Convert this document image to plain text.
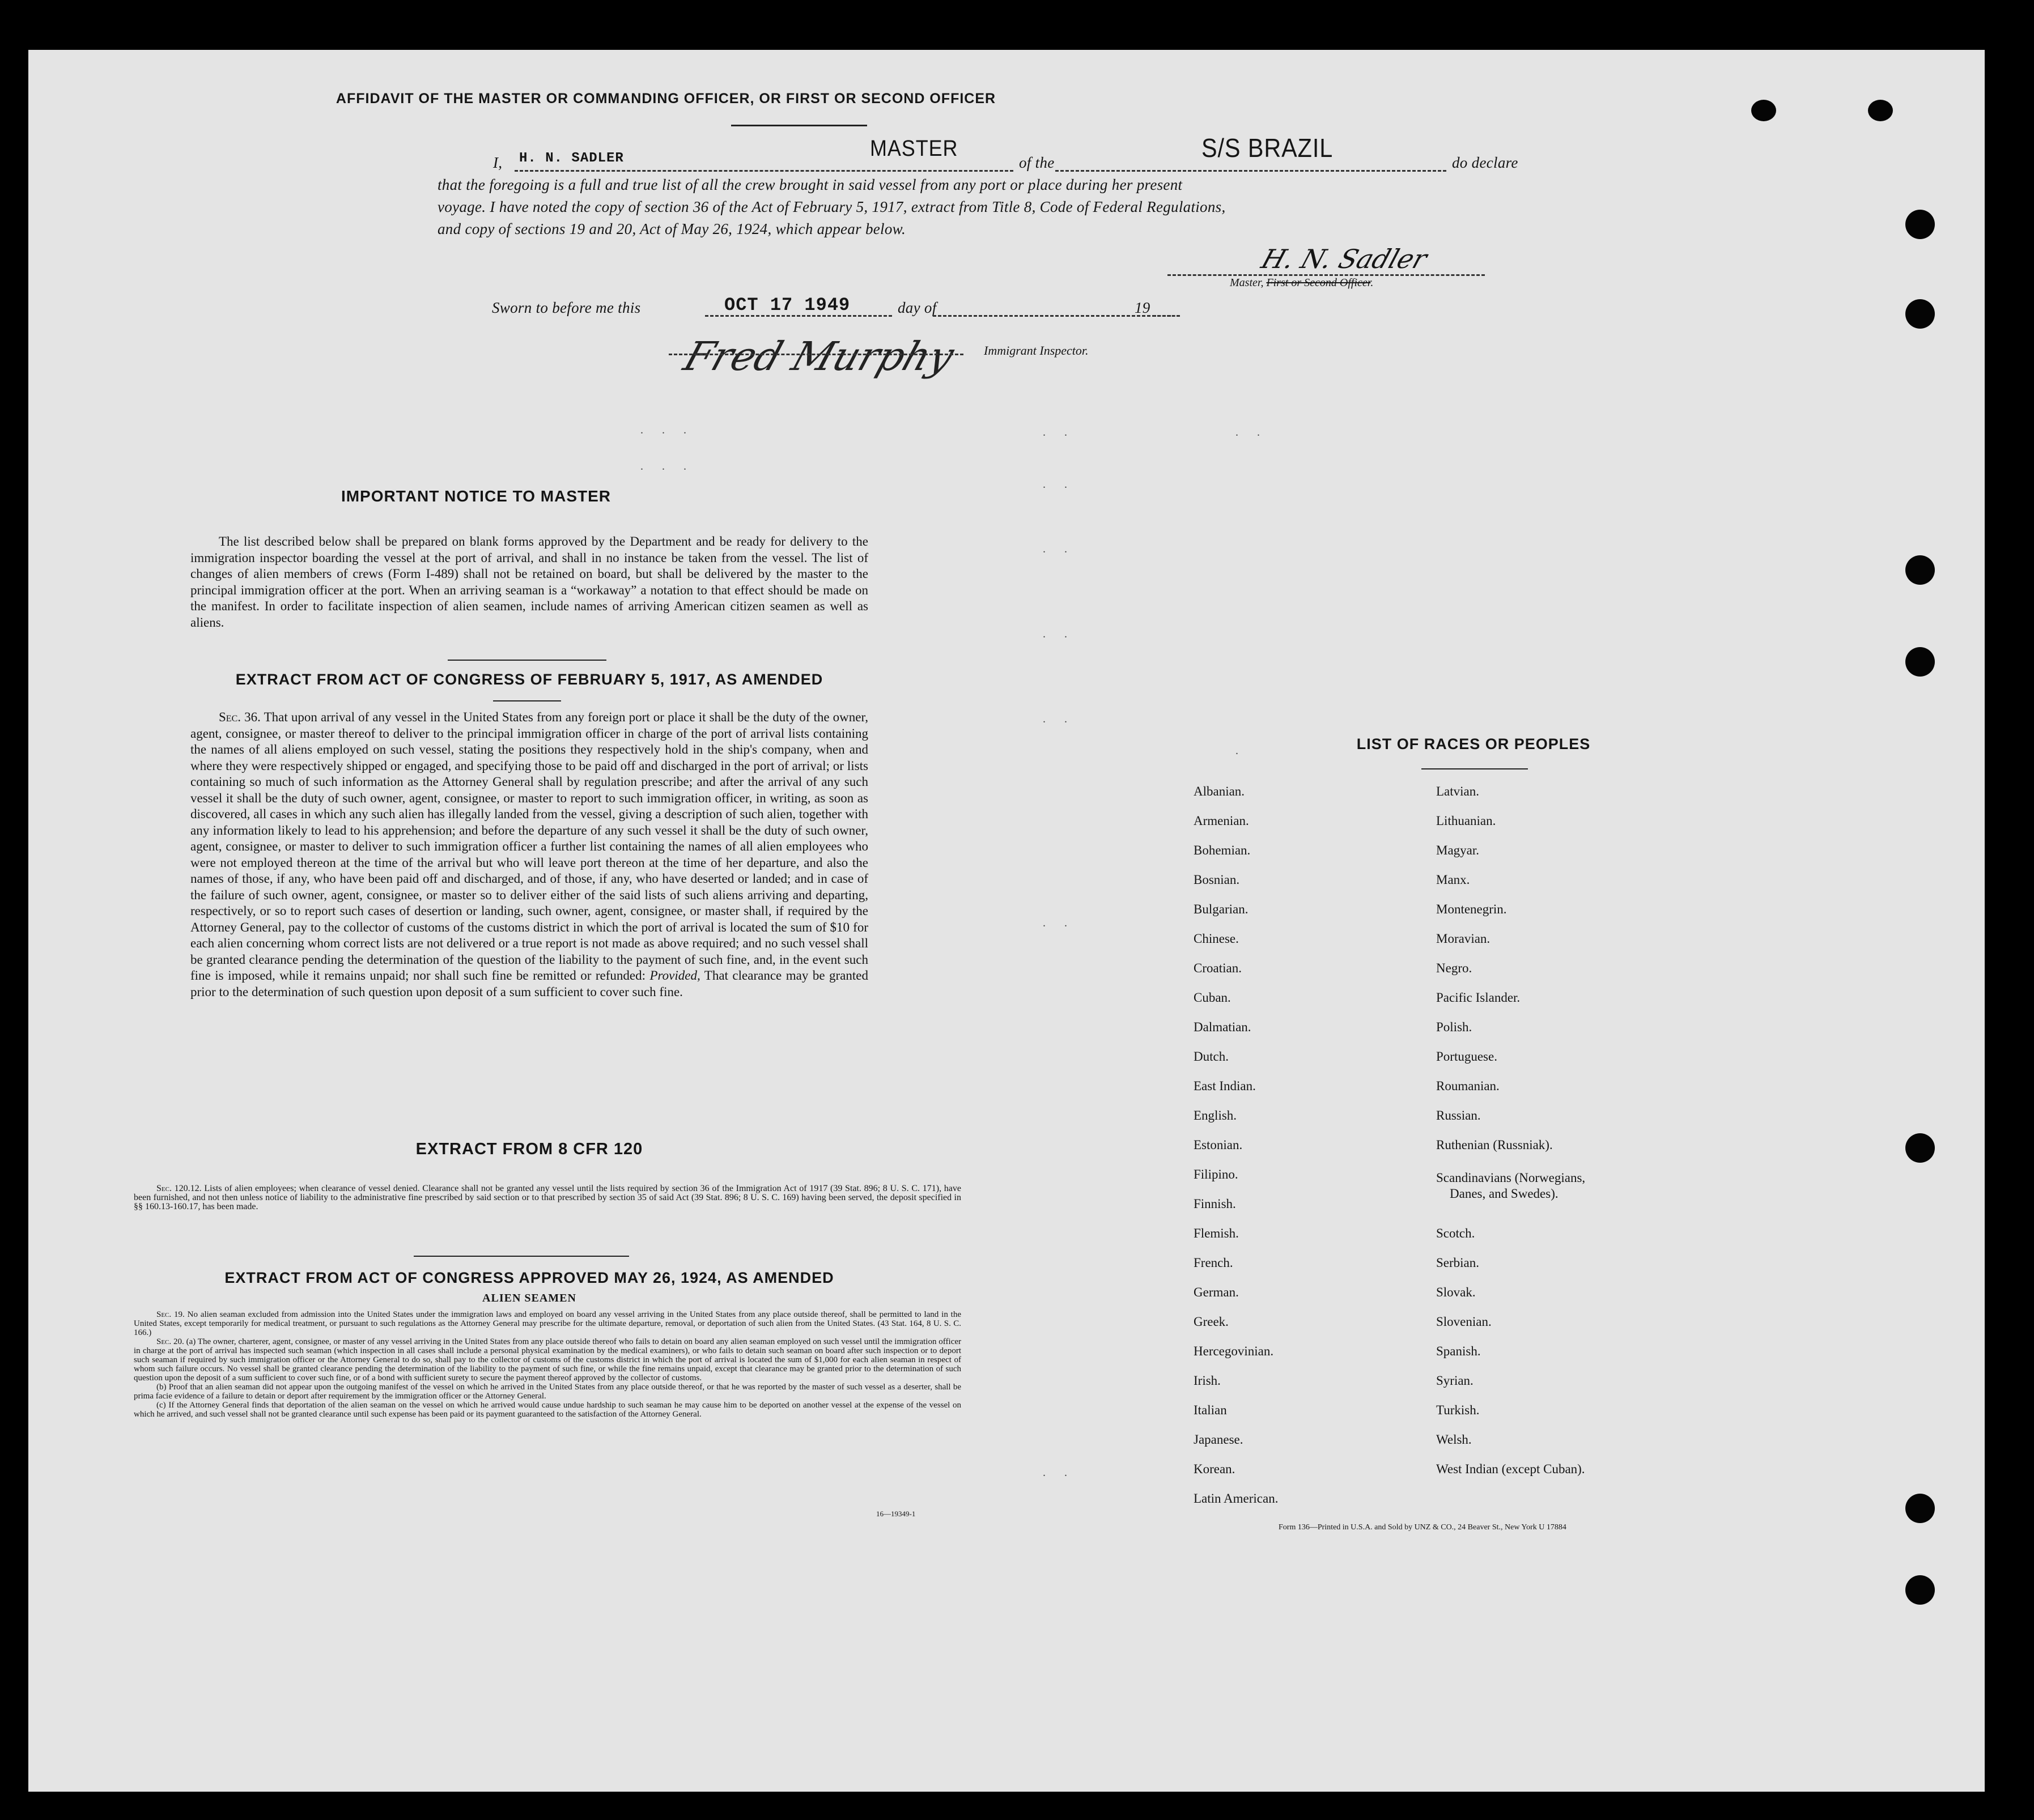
AFFIDAVIT OF THE MASTER OR COMMANDING OFFICER, OR FIRST OR SECOND OFFICER
I, H. N. SADLER	MASTER
of the	S/S BRAZIL	do declare
that the foregoing is a full and true list of all the crew brought in said vessel from any port or place during her present
voyage. I have noted the copy of section 36 of the Act of February 5, 1917, extract from Title 8, Code of Federal Regulations,
and copy of sections 19 and 20, Act of May 26, 1924, which appear below.
H. N. Sadler
Master, First or Second Officer.
Sworn to before me this	OCT 17 1949	day of	19
Fred Murphy Immigrant Inspector.
. . .
. . .
. .
. .
. .
. .
. .
. .
. .
. .
.
IMPORTANT NOTICE TO MASTER

The list described below shall be prepared on blank forms approved by the Department and be ready for delivery to the immigration inspector boarding the vessel at the port of arrival, and shall in no instance be taken from the vessel. The list of changes of alien members of crews (Form I-489) shall not be retained on board, but shall be delivered by the master to the principal immigration officer at the port. When an arriving seaman is a “workaway” a notation to that effect should be made on the manifest. In order to facilitate inspection of alien seamen, include names of arriving American citizen seamen as well as aliens.

EXTRACT FROM ACT OF CONGRESS OF FEBRUARY 5, 1917, AS AMENDED

Sec. 36. That upon arrival of any vessel in the United States from any foreign port or place it shall be the duty of the owner, agent, consignee, or master thereof to deliver to the principal immigration officer in charge of the port of arrival lists containing the names of all aliens employed on such vessel, stating the positions they respectively hold in the ship's company, when and where they were respectively shipped or engaged, and specifying those to be paid off and discharged in the port of arrival; or lists containing so much of such information as the Attorney General shall by regulation prescribe; and after the arrival of any such vessel it shall be the duty of such owner, agent, consignee, or master to report to such immigration officer, in writing, as soon as discovered, all cases in which any such alien has illegally landed from the vessel, giving a description of such alien, together with any information likely to lead to his apprehension; and before the departure of any such vessel it shall be the duty of such owner, agent, consignee, or master to deliver to such immigration officer a further list containing the names of all alien employees who were not employed thereon at the time of the arrival but who will leave port thereon at the time of her departure, and also the names of those, if any, who have been paid off and discharged, and of those, if any, who have deserted or landed; and in case of the failure of such owner, agent, consignee, or master so to deliver either of the said lists of such aliens arriving and departing, respectively, or so to report such cases of desertion or landing, such owner, agent, consignee, or master shall, if required by the Attorney General, pay to the collector of customs of the customs district in which the port of arrival is located the sum of $10 for each alien concerning whom correct lists are not delivered or a true report is not made as above required; and no such vessel shall be granted clearance pending the determination of the question of the liability to the payment of such fine, and, in the event such fine is imposed, while it remains unpaid; nor shall such fine be remitted or refunded: Provided, That clearance may be granted prior to the determination of such question upon deposit of a sum sufficient to cover such fine.

EXTRACT FROM 8 CFR 120

Sec. 120.12. Lists of alien employees; when clearance of vessel denied. Clearance shall not be granted any vessel until the lists required by section 36 of the Immigration Act of 1917 (39 Stat. 896; 8 U. S. C. 171), have been furnished, and not then unless notice of liability to the administrative fine prescribed by said section or to that prescribed by section 35 of said Act (39 Stat. 896; 8 U. S. C. 169) having been served, the deposit specified in §§ 160.13-160.17, has been made.

EXTRACT FROM ACT OF CONGRESS APPROVED MAY 26, 1924, AS AMENDED
ALIEN SEAMEN

Sec. 19. No alien seaman excluded from admission into the United States under the immigration laws and employed on board any vessel arriving in the United States from any place outside thereof, shall be permitted to land in the United States, except temporarily for medical treatment, or pursuant to such regulations as the Attorney General may prescribe for the ultimate departure, removal, or deportation of such alien from the United States. (43 Stat. 164, 8 U. S. C. 166.)

Sec. 20. (a) The owner, charterer, agent, consignee, or master of any vessel arriving in the United States from any place outside thereof who fails to detain on board any alien seaman employed on such vessel until the immigration officer in charge at the port of arrival has inspected such seaman (which inspection in all cases shall include a personal physical examination by the medical examiners), or who fails to detain such seaman on board after such inspection or to deport such seaman if required by such immigration officer or the Attorney General to do so, shall pay to the collector of customs of the customs district in which the port of arrival is located the sum of $1,000 for each alien seaman in respect of whom such failure occurs. No vessel shall be granted clearance pending the determination of the liability to the payment of such fine, or while the fine remains unpaid, except that clearance may be granted prior to the determination of such question upon the deposit of a sum sufficient to cover such fine, or of a bond with sufficient surety to secure the payment thereof approved by the collector of customs.

(b) Proof that an alien seaman did not appear upon the outgoing manifest of the vessel on which he arrived in the United States from any place outside thereof, or that he was reported by the master of such vessel as a deserter, shall be prima facie evidence of a failure to detain or deport after requirement by the immigration officer or the Attorney General.

(c) If the Attorney General finds that deportation of the alien seaman on the vessel on which he arrived would cause undue hardship to such seaman he may cause him to be deported on another vessel at the expense of the vessel on which he arrived, and such vessel shall not be granted clearance until such expense has been paid or its payment guaranteed to the satisfaction of the Attorney General.

16—19349-1
LIST OF RACES OR PEOPLES
Albanian.
Armenian.
Bohemian.
Bosnian.
Bulgarian.
Chinese.
Croatian.
Cuban.
Dalmatian.
Dutch.
East Indian.
English.
Estonian.
Filipino.
Finnish.
Flemish.
French.
German.
Greek.
Hercegovinian.
Irish.
Italian
Japanese.
Korean.
Latin American.
Latvian.
Lithuanian.
Magyar.
Manx.
Montenegrin.
Moravian.
Negro.
Pacific Islander.
Polish.
Portuguese.
Roumanian.
Russian.
Ruthenian (Russniak).
Scandinavians (Norwegians,
Danes, and Swedes).
Scotch.
Serbian.
Slovak.
Slovenian.
Spanish.
Syrian.
Turkish.
Welsh.
West Indian (except Cuban).
Form 136—Printed in U.S.A. and Sold by UNZ & CO., 24 Beaver St., New York U 17884
